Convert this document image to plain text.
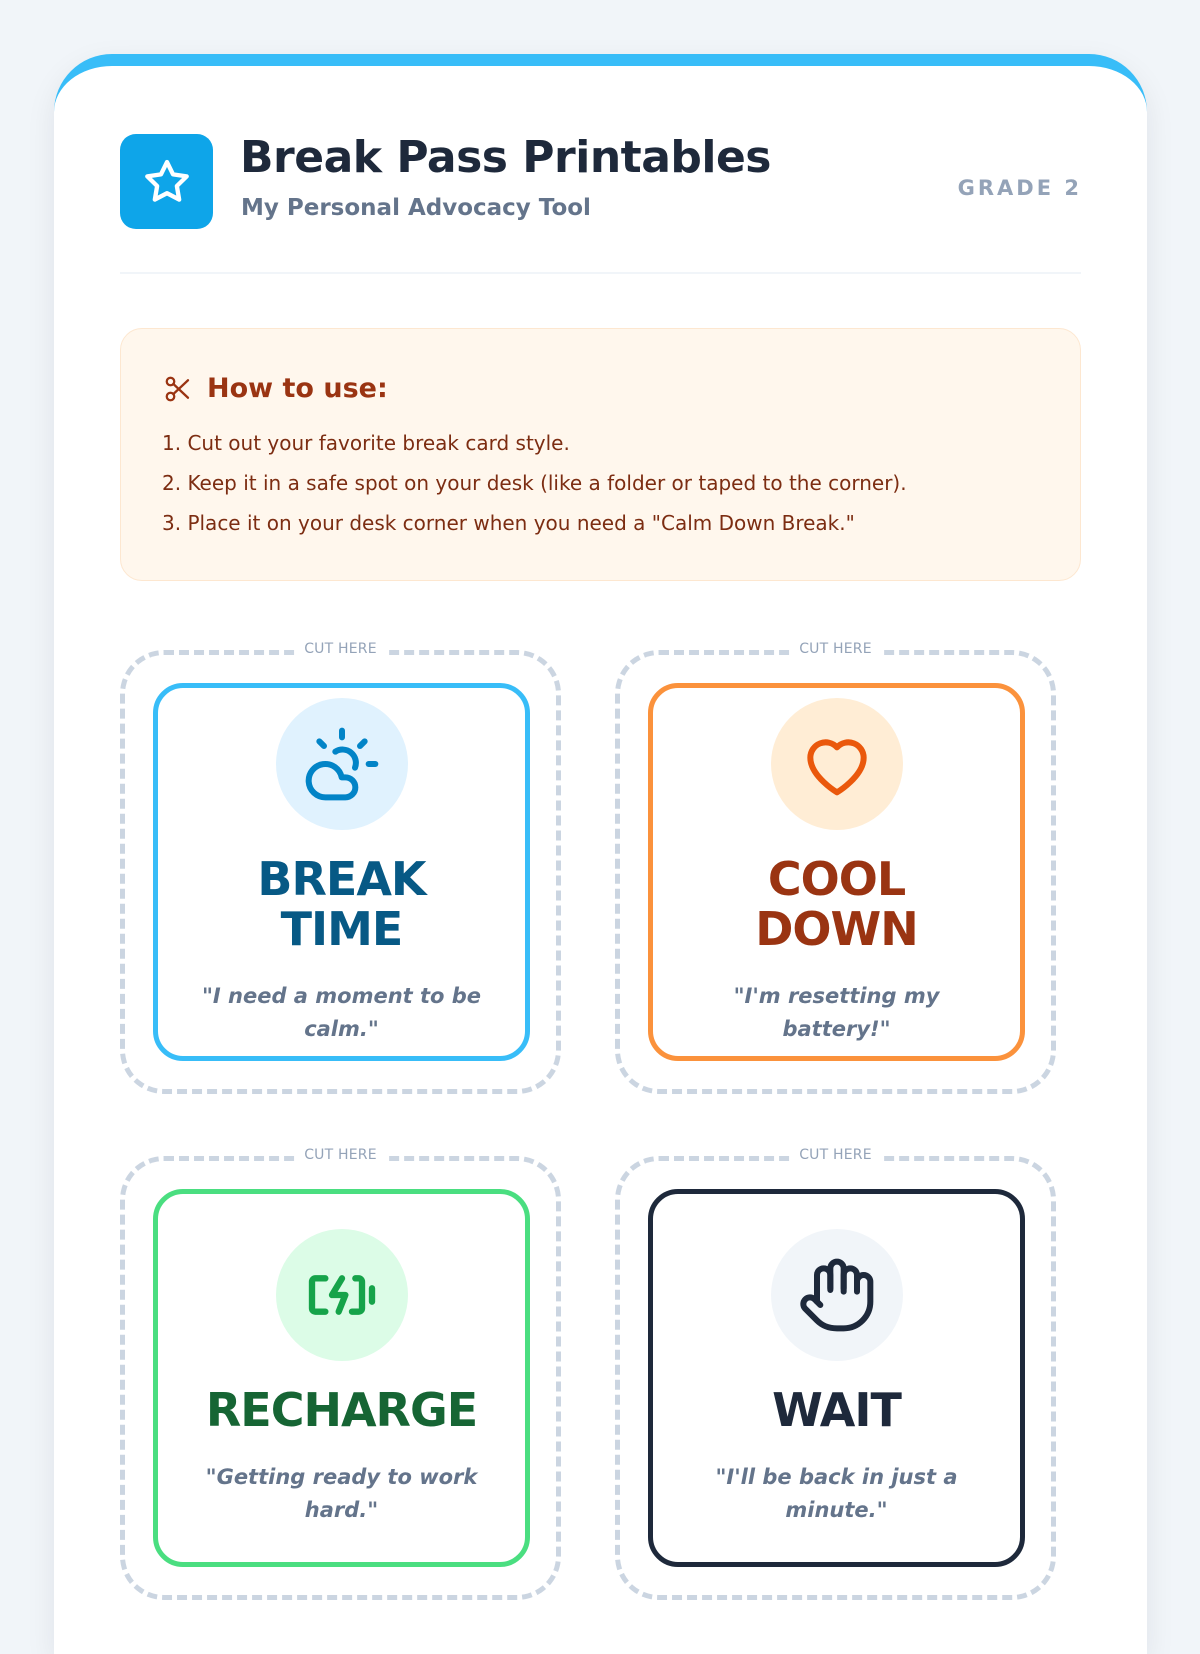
Break Pass Printables
My Personal Advocacy Tool
GRADE 2
How to use:
1. Cut out your favorite break card style.
2. Keep it in a safe spot on your desk (like a folder or taped to the corner).
3. Place it on your desk corner when you need a "Calm Down Break."
CUT HERE
BREAK
TIME
"I need a moment to be calm."
CUT HERE
COOL
DOWN
"I'm resetting my battery!"
CUT HERE
RECHARGE
"Getting ready to work hard."
CUT HERE
WAIT
"I'll be back in just a minute."
